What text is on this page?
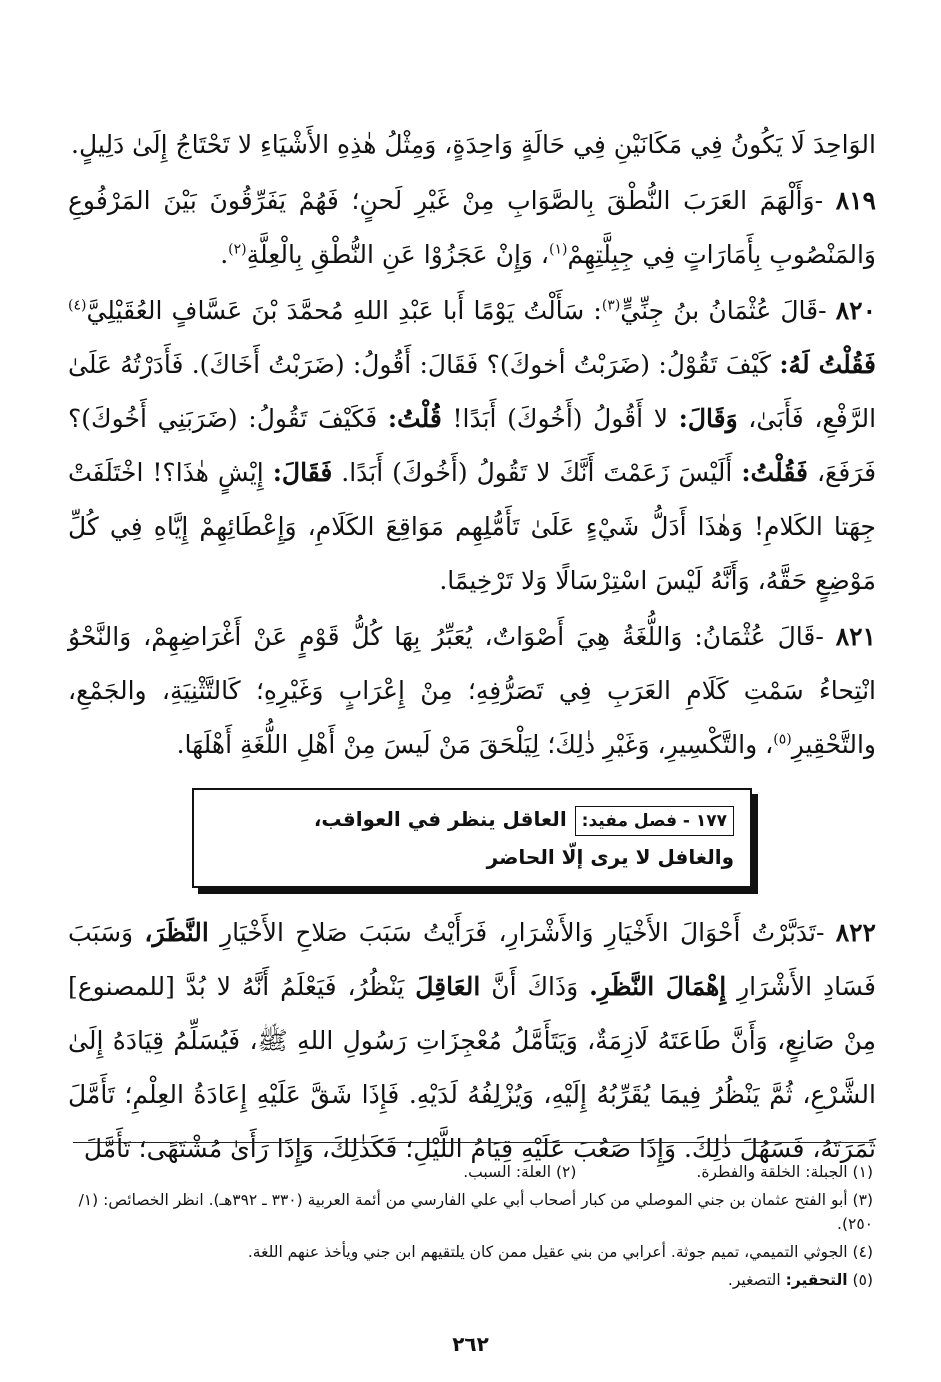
الوَاحِدَ لَا يَكُونُ فِي مَكَانَيْنِ فِي حَالَةٍ وَاحِدَةٍ، وَمِثْلُ هٰذِهِ الأَشْيَاءِ لا تَحْتَاجُ إِلَىٰ دَلِيلٍ.

٨١٩ -وَأَلْهَمَ العَرَبَ النُّطْقَ بِالصَّوَابِ مِنْ غَيْرِ لَحنٍ؛ فَهُمْ يَفَرِّقُونَ بَيْنَ المَرْفُوعِ وَالمَنْصُوبِ بِأَمَارَاتٍ فِي جِبِلَّتِهِمْ$^{(١)}$، وَإِنْ عَجَزُوْا عَنِ النُّطْقِ بِالْعِلَّةِ$^{(٢)}$.

٨٢٠ -قَالَ عُثْمَانُ بنُ جِنِّيٍّ$^{(٣)}$: سَأَلْتُ يَوْمًا أَبا عَبْدِ اللهِ مُحمَّدَ بْنَ عَسَّافٍ العُقَيْلِيَّ$^{(٤)}$ فَقُلْتُ لَهُ: كَيْفَ تَقُوْلُ: (ضَرَبْتُ أخوكَ)؟ فَقَالَ: أَقُولُ: (ضَرَبْتُ أَخَاكَ). فَأَدَرْتُهُ عَلَىٰ الرَّفْعِ، فَأَبَىٰ، وَقَالَ: لا أَقُولُ (أَخُوكَ) أَبَدًا! قُلْتُ: فَكَيْفَ تَقُولُ: (ضَرَبَنِي أَخُوكَ)؟ فَرَفَعَ، فَقُلْتُ: أَلَيْسَ زَعَمْتَ أَنَّكَ لا تَقُولُ (أَخُوكَ) أَبَدًا. فَقَالَ: إِيْشٍ هٰذَا؟! اخْتَلَفَتْ جِهَتا الكَلامِ! وَهٰذَا أَدَلُّ شَيْءٍ عَلَىٰ تَأَمُّلِهِم مَوَاقِعَ الكَلَامِ، وَإِعْطَائِهِمْ إِيَّاهِ فِي كُلِّ مَوْضِعٍ حَقَّهُ، وَأَنَّهُ لَيْسَ اسْتِرْسَالًا وَلا تَرْخِيمًا.

٨٢١ -قَالَ عُثْمَانُ: وَاللُّغَةُ هِيَ أَصْوَاتٌ، يُعَبِّرُ بِهَا كُلُّ قَوْمٍ عَنْ أَغْرَاضِهِمْ، وَالنَّحْوُ انْتِحاءُ سَمْتِ كَلَامِ العَرَبِ فِي تَصَرُّفِهِ؛ مِنْ إِعْرَابٍ وَغَيْرِهِ؛ كَالتَّثْنِيَةِ، والجَمْعِ، والتَّحْقِيرِ$^{(٥)}$، والتَّكْسِيرِ، وَغَيْرِ ذٰلِكَ؛ لِيَلْحَقَ مَنْ لَيسَ مِنْ أَهْلِ اللُّغَةِ أَهْلَهَا.

١٧٧ - فصل مفيد:العاقل ينظر في العواقب،
والغافل لا يرى إلّا الحاضر

٨٢٢ -تَدَبَّرْتُ أَحْوَالَ الأَخْيَارِ وَالأَشْرَارِ، فَرَأَيْتُ سَبَبَ صَلاحِ الأَخْيَارِ النَّظَرَ، وَسَبَبَ فَسَادِ الأَشْرَارِ إِهْمَالَ النَّظَرِ. وَذَاكَ أَنَّ العَاقِلَ يَنْظُرُ، فَيَعْلَمُ أَنَّهُ لا بُدَّ [للمصنوع] مِنْ صَانِعٍ، وَأَنَّ طَاعَتَهُ لَازِمَةٌ، وَيَتَأَمَّلُ مُعْجِزَاتِ رَسُولِ اللهِ ﷺ، فَيُسَلِّمُ قِيَادَهُ إِلَىٰ الشَّرْعِ، ثُمَّ يَنْظُرُ فِيمَا يُقَرِّبُهُ إِلَيْهِ، وَيُزْلِفُهُ لَدَيْهِ. فَإِذَا شَقَّ عَلَيْهِ إِعَادَةُ العِلْمِ؛ تَأَمَّلَ ثَمَرَتَهُ، فَسَهُلَ ذٰلِكَ. وَإِذَا صَعُبَ عَلَيْهِ قِيَامُ اللَّيْلِ؛ فَكَذٰلِكَ، وَإِذَا رَأَىٰ مُشْتَهًى؛ تَأَمَّلَ

(١) الجبلة: الخلقة والفطرة.
(٢) العلة: السبب.
(٣) أبو الفتح عثمان بن جني الموصلي من كبار أصحاب أبي علي الفارسي من أئمة العربية (٣٣٠ ـ ٣٩٢هـ). انظر الخصائص: (١/ ٢٥٠).
(٤) الجوثي التميمي، تميم جوثة. أعرابي من بني عقيل ممن كان يلتقيهم ابن جني ويأخذ عنهم اللغة.
(٥) التحقير: التصغير.
٢٦٢
